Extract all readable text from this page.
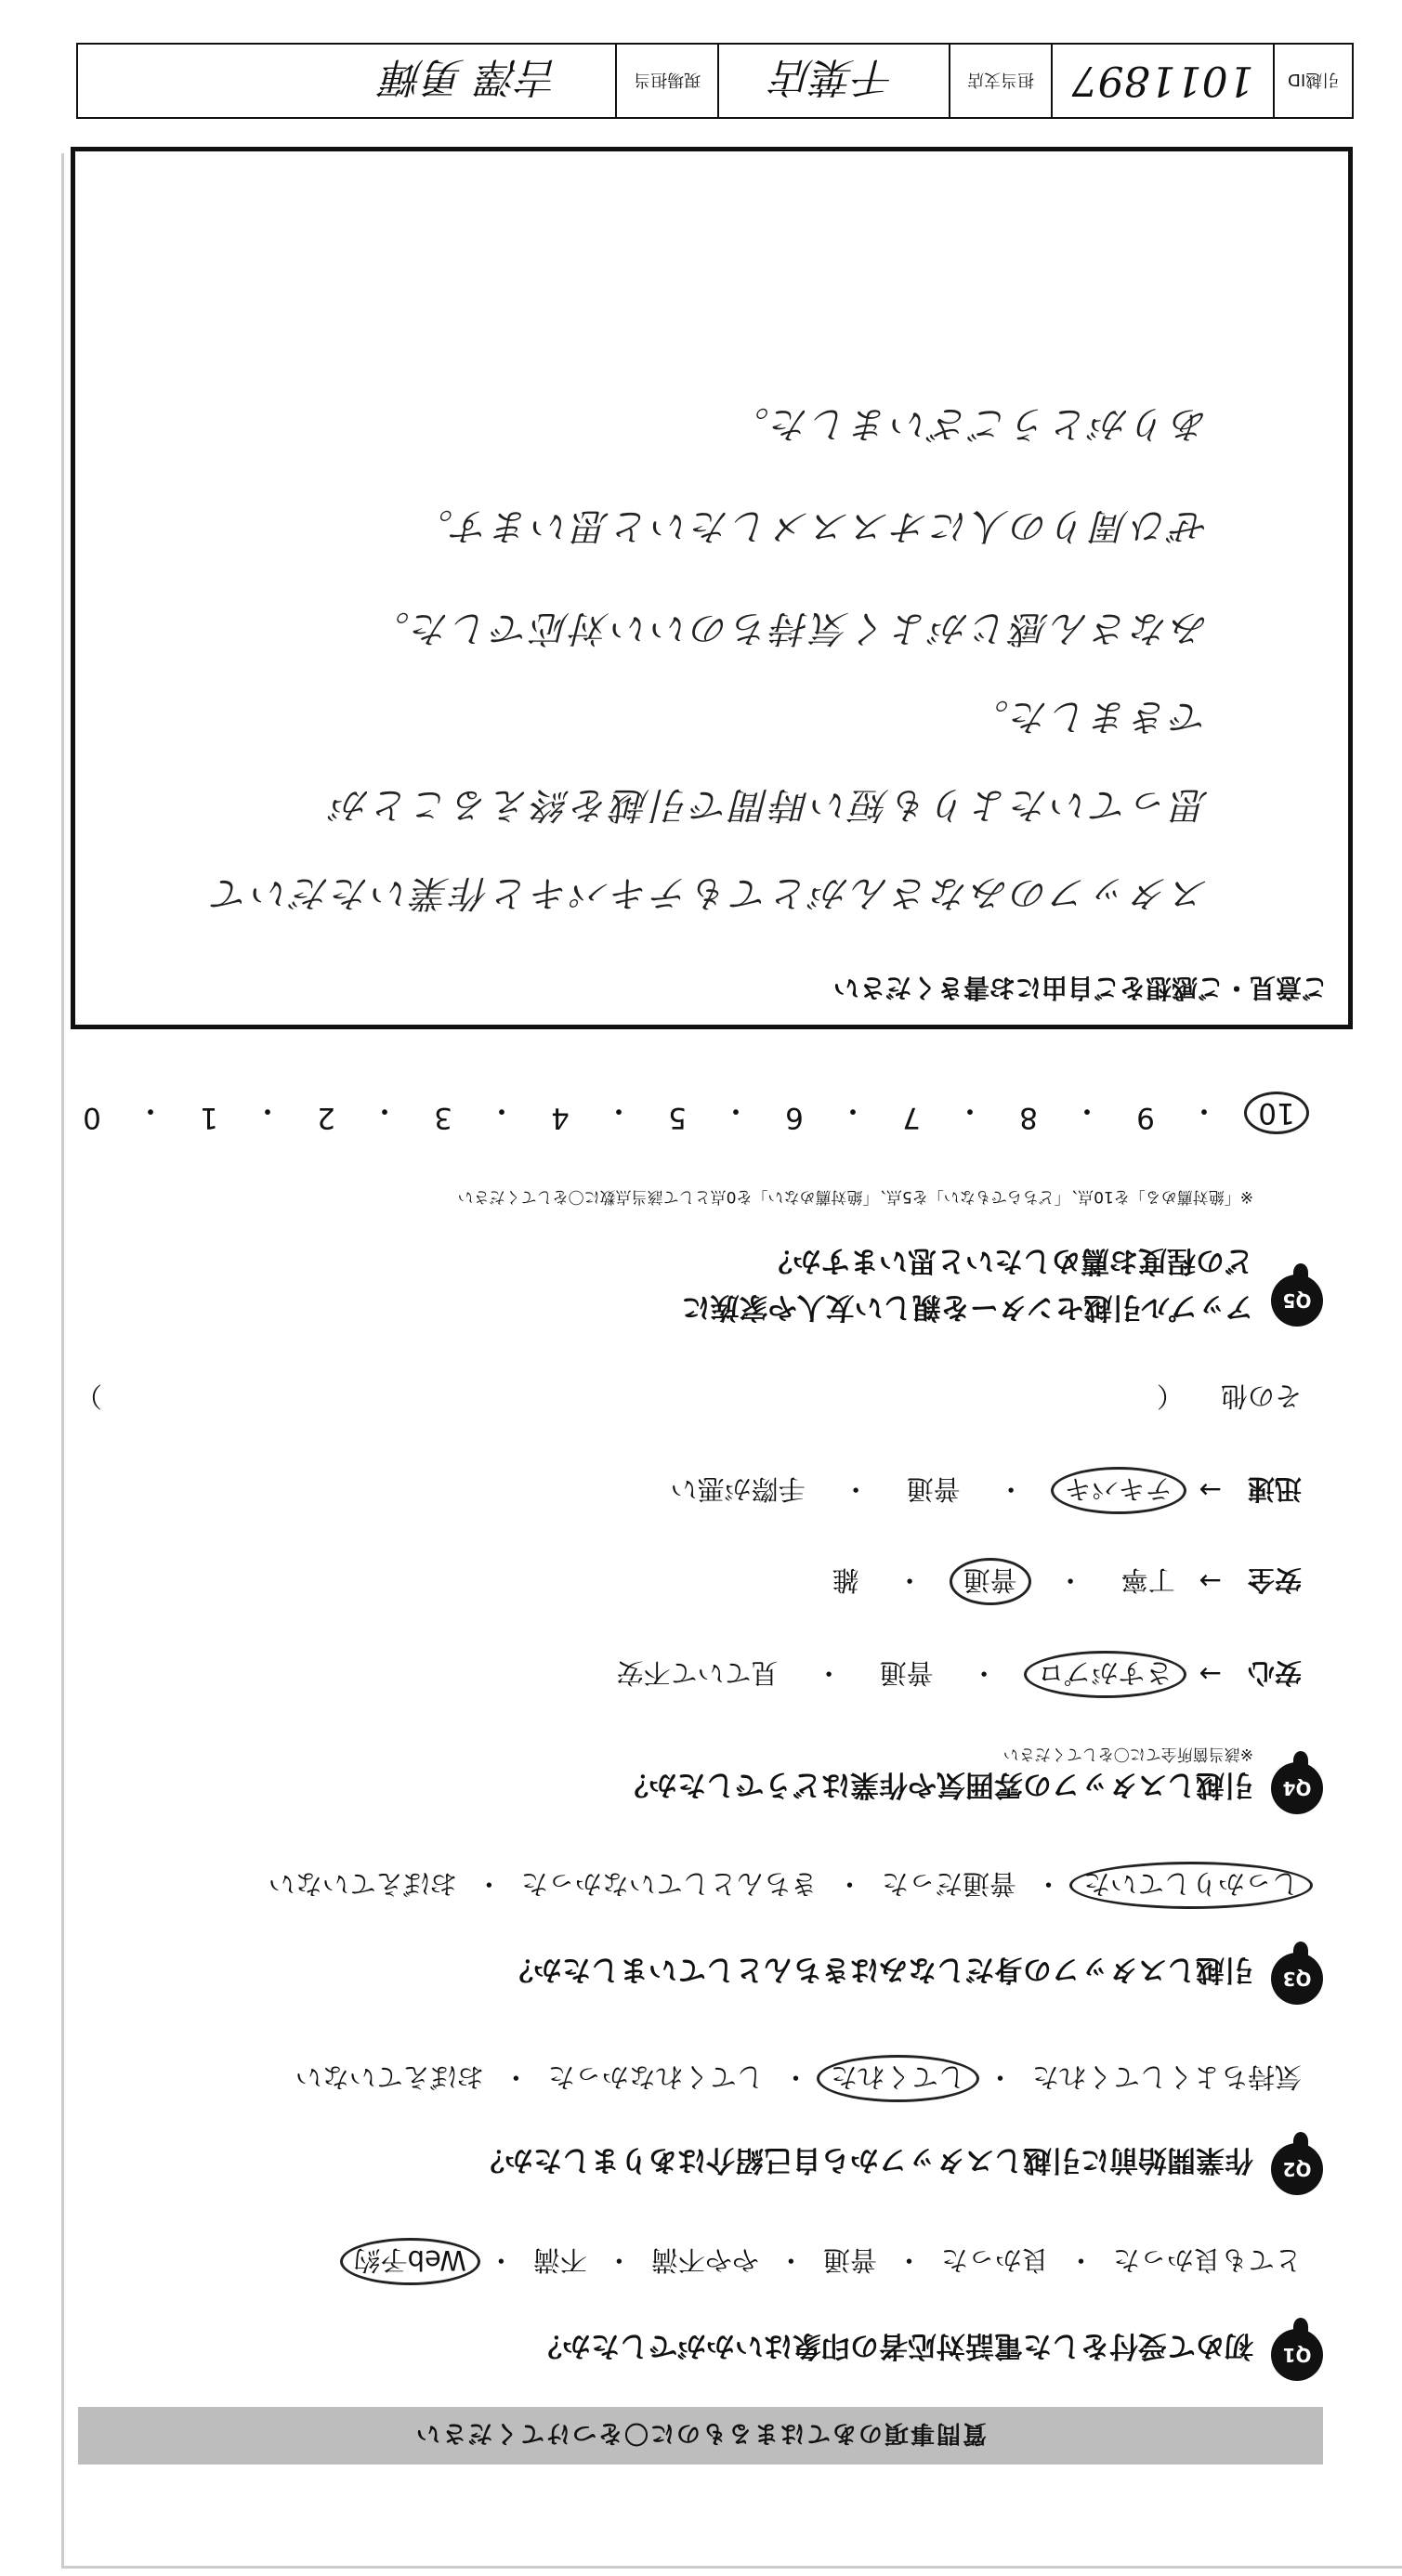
引越ID
1011897
担当支店
千葉店
現場担当
吉澤 勇輝
質問事項のあてはまるものに〇をつけてください
Q1
初めて受付をした電話対応者の印象はいかがでしたか？
とても良かった
・
良かった
・
普通
・
やや不満
・
不満
・
Web予約
Q2
作業開始前に引越しスタッフから自己紹介はありましたか？
気持ちよくしてくれた
・
してくれた
・
してくれなかった
・
おぼえていない
Q3
引越しスタッフの身だしなみはきちんとしていましたか？
しっかりしていた
・
普通だった
・
きちんとしていなかった
・
おぼえていない
Q4
引越しスタッフの雰囲気や作業はどうでしたか？
※該当箇所全てに〇をしてください
安心
→
さすがプロ
・
普通
・
見ていて不安
安全
→
丁寧
・
普通
・
雑
迅速
→
テキパキ
・
普通
・
手際が悪い
その他
（
）
Q5
アップル引越センターを親しい友人や家族に
どの程度お薦めしたいと思いますか？
※「絶対薦める」を10点、「どちらでもない」を5点、「絶対薦めない」を0点として該当点数に〇をしてください
10
・
9
・
8
・
7
・
6
・
5
・
4
・
3
・
2
・
1
・
0
ご意見・ご感想をご自由にお書きください
スタッフのみなさんがとてもテキパキと作業いただいて
思っていたよりも短い時間で引越を終えることが
できました。
みなさん感じがよく気持ちのいい対応でした。
ぜひ周りの人にオススメしたいと思います。
ありがとうございました。
